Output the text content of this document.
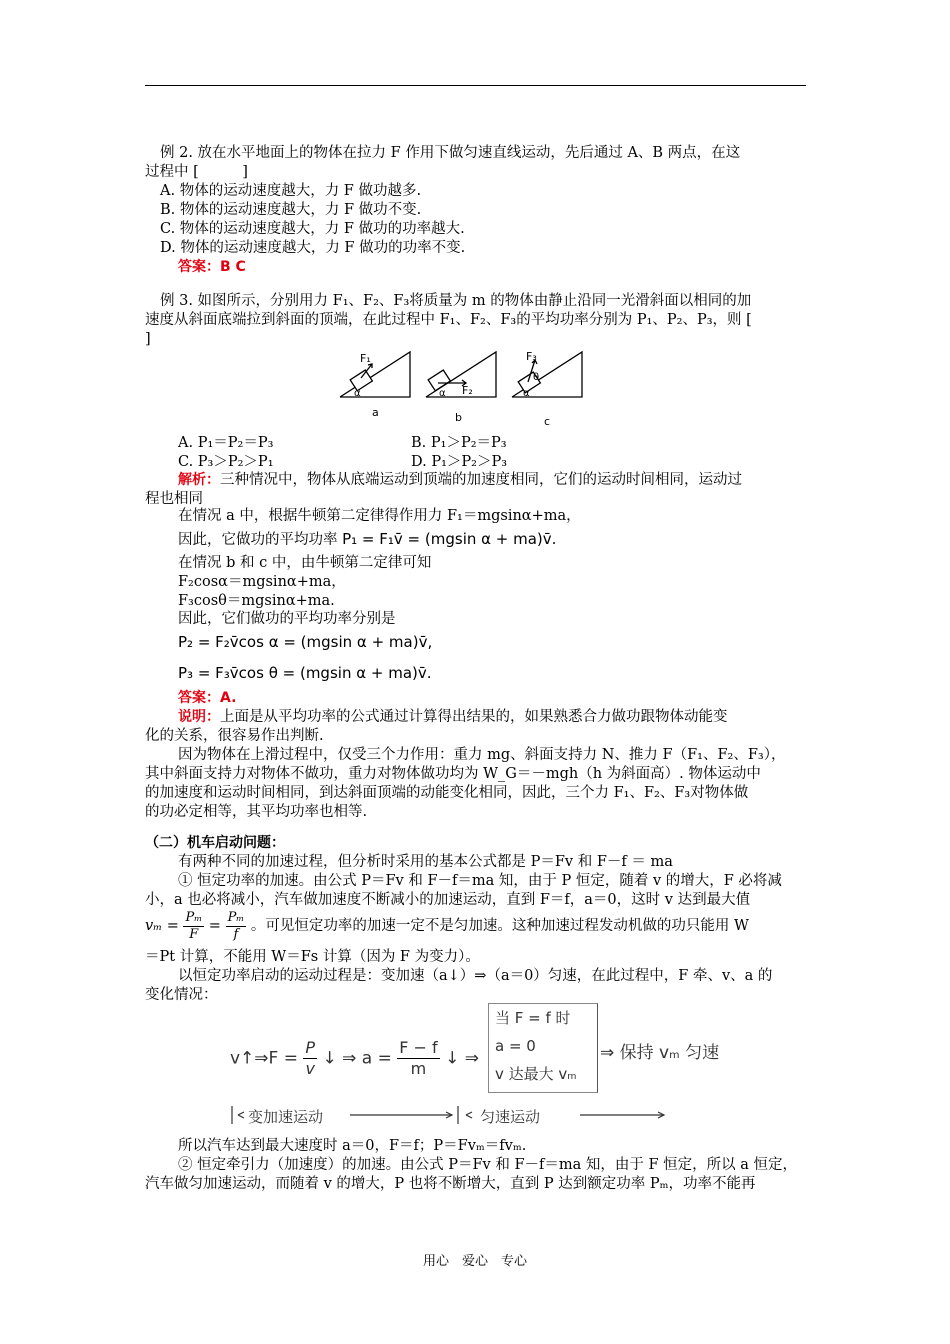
例 2. 放在水平地面上的物体在拉力 F 作用下做匀速直线运动，先后通过 A、B 两点，在这
过程中 [　　　]
A. 物体的运动速度越大，力 F 做功越多.
B. 物体的运动速度越大，力 F 做功不变.
C. 物体的运动速度越大，力 F 做功的功率越大.
D. 物体的运动速度越大，力 F 做功的功率不变.
答案：B C
例 3. 如图所示，分别用力 F₁、F₂、F₃将质量为 m 的物体由静止沿同一光滑斜面以相同的加
速度从斜面底端拉到斜面的顶端，在此过程中 F₁、F₂、F₃的平均功率分别为 P₁、P₂、P₃，则 [
]
F₁
F₂
F₃
α	α	α
θ
a	b	c
A. P₁＝P₂＝P₃	B. P₁＞P₂＝P₃
C. P₃＞P₂＞P₁	D. P₁＞P₂＞P₃
解析：三种情况中，物体从底端运动到顶端的加速度相同，它们的运动时间相同，运动过
程也相同
在情况 a 中，根据牛顿第二定律得作用力 F₁＝mgsinα+ma，
因此，它做功的平均功率 P₁ = F₁v̄ = (mgsin α + ma)v̄.
在情况 b 和 c 中，由牛顿第二定律可知
F₂cosα＝mgsinα+ma，
F₃cosθ＝mgsinα+ma.
因此，它们做功的平均功率分别是
P₂ = F₂v̄cos α = (mgsin α + ma)v̄,
P₃ = F₃v̄cos θ = (mgsin α + ma)v̄.
答案：A.
说明：上面是从平均功率的公式通过计算得出结果的，如果熟悉合力做功跟物体动能变
化的关系，很容易作出判断.
因为物体在上滑过程中，仅受三个力作用：重力 mg、斜面支持力 N、推力 F（F₁、F₂、F₃），
其中斜面支持力对物体不做功，重力对物体做功均为 W_G＝－mgh（h 为斜面高）. 物体运动中
的加速度和运动时间相同，到达斜面顶端的动能变化相同，因此，三个力 F₁、F₂、F₃对物体做
的功必定相等，其平均功率也相等.
（二）机车启动问题：
有两种不同的加速过程，但分析时采用的基本公式都是 P＝Fv 和 F－f ＝ ma
① 恒定功率的加速。由公式 P＝Fv 和 F－f＝ma 知，由于 P 恒定，随着 v 的增大，F 必将减
小，a 也必将减小，汽车做加速度不断减小的加速运动，直到 F＝f，a＝0，这时 v 达到最大值
$v_m = \frac{\text{Pₘ}}{F} = \frac{\text{Pₘ}}{f}$ 。可见恒定功率的加速一定不是匀加速。这种加速过程发动机做的功只能用 W
＝Pt 计算，不能用 W＝Fs 计算（因为 F 为变力）。
以恒定功率启动的运动过程是：变加速（a↓）⇒（a＝0）匀速，在此过程中，F 牵、v、a 的
变化情况：
v↑⇒F = $\frac{P}{v}$ ↓ ⇒ $a = \frac{F - f}{m}$ ↓ ⇒
当 F = f 时
a = 0
v 达最大 vₘ
⇒ 保持 vₘ 匀速
变加速运动	匀速运动
所以汽车达到最大速度时 a＝0，F＝f；P＝Fvₘ＝fvₘ.
② 恒定牵引力（加速度）的加速。由公式 P＝Fv 和 F－f＝ma 知，由于 F 恒定，所以 a 恒定，
汽车做匀加速运动，而随着 v 的增大，P 也将不断增大，直到 P 达到额定功率 Pₘ，功率不能再
用心　爱心　专心
